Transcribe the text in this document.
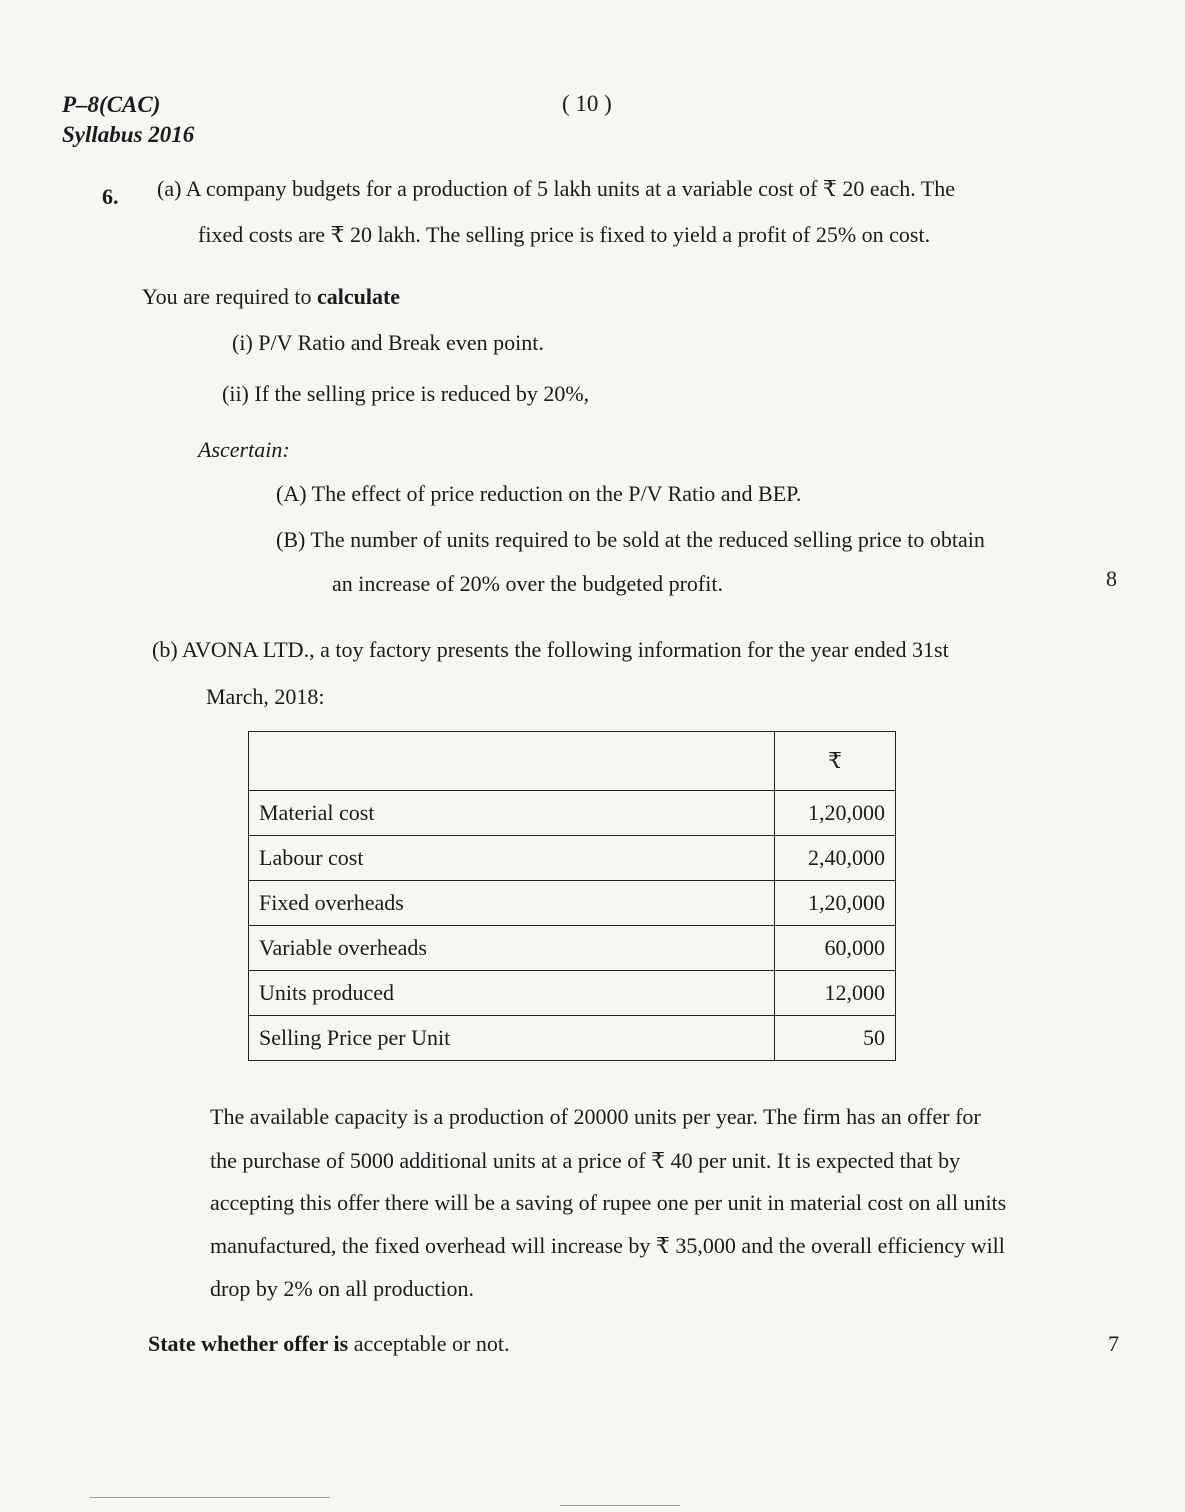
P–8(CAC)
Syllabus 2016
( 10 )
6. (a) A company budgets for a production of 5 lakh units at a variable cost of ₹ 20 each. The
fixed costs are ₹ 20 lakh. The selling price is fixed to yield a profit of 25% on cost.
You are required to calculate
(i) P/V Ratio and Break even point.
(ii) If the selling price is reduced by 20%,
Ascertain:
(A) The effect of price reduction on the P/V Ratio and BEP.
(B) The number of units required to be sold at the reduced selling price to obtain
an increase of 20% over the budgeted profit.	8
(b) AVONA LTD., a toy factory presents the following information for the year ended 31st
March, 2018:
	₹
Material cost	1,20,000
Labour cost	2,40,000
Fixed overheads	1,20,000
Variable overheads	60,000
Units produced	12,000
Selling Price per Unit	50
The available capacity is a production of 20000 units per year. The firm has an offer for
the purchase of 5000 additional units at a price of ₹ 40 per unit. It is expected that by
accepting this offer there will be a saving of rupee one per unit in material cost on all units
manufactured, the fixed overhead will increase by ₹ 35,000 and the overall efficiency will
drop by 2% on all production.
State whether offer is acceptable or not.	7
